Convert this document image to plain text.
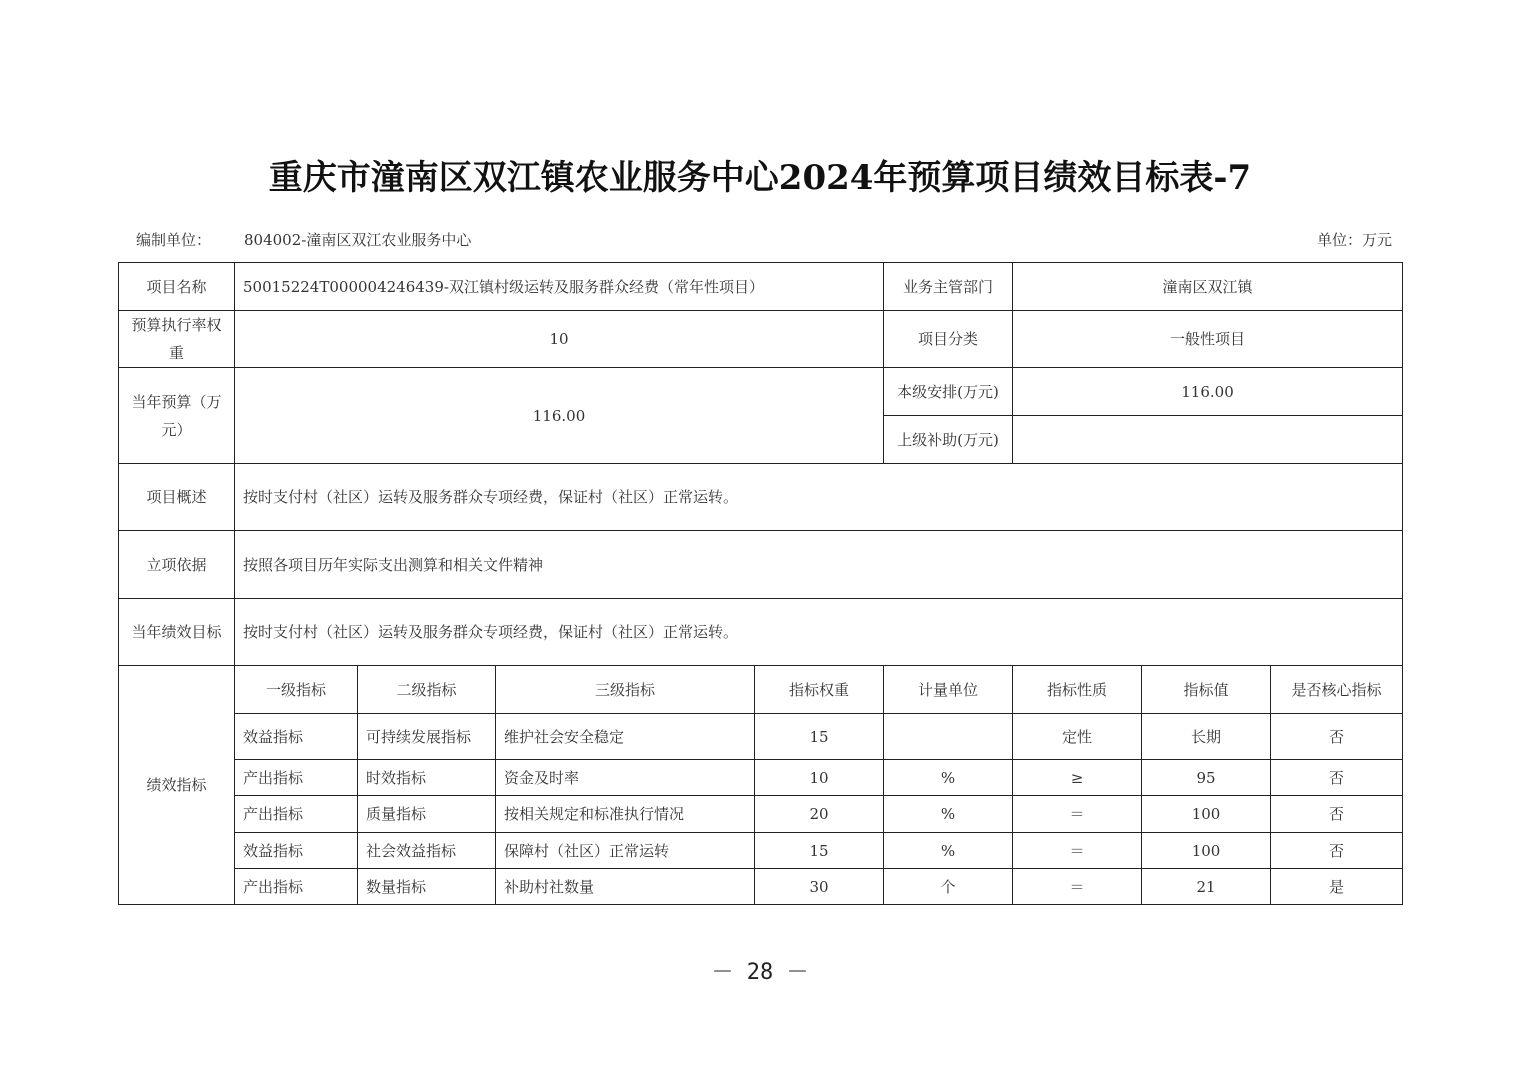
重庆市潼南区双江镇农业服务中心2024年预算项目绩效目标表-7
编制单位： 804002-潼南区双江农业服务中心	单位：万元
项目名称	50015224T000004246439-双江镇村级运转及服务群众经费（常年性项目）				业务主管部门	潼南区双江镇		
预算执行率权重	10				项目分类	一般性项目		
当年预算（万元）	116.00				本级安排(万元)	116.00		
					上级补助(万元)			
项目概述	按时支付村（社区）运转及服务群众专项经费，保证村（社区）正常运转。							
立项依据	按照各项目历年实际支出测算和相关文件精神							
当年绩效目标	按时支付村（社区）运转及服务群众专项经费，保证村（社区）正常运转。							
绩效指标	一级指标	二级指标	三级指标	指标权重	计量单位	指标性质	指标值	是否核心指标
	效益指标	可持续发展指标	维护社会安全稳定	15		定性	长期	否
	产出指标	时效指标	资金及时率	10	%	≥	95	否
	产出指标	质量指标	按相关规定和标准执行情况	20	%	＝	100	否
	效益指标	社会效益指标	保障村（社区）正常运转	15	%	＝	100	否
	产出指标	数量指标	补助村社数量	30	个	＝	21	是
－ 28 －
